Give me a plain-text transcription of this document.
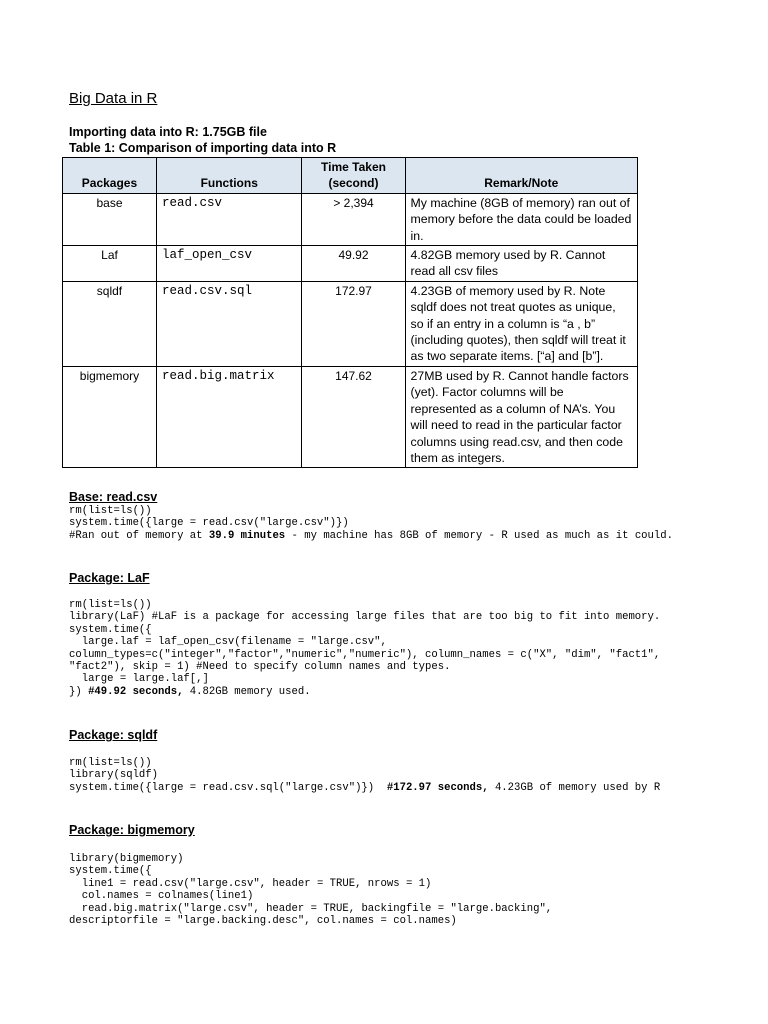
Big Data in R
Importing data into R: 1.75GB file
Table 1: Comparison of importing data into R
Packages	Functions	Time Taken (second)	Remark/Note
base	read.csv	> 2,394	My machine (8GB of memory) ran out of memory before the data could be loaded in.
Laf	laf_open_csv	49.92	4.82GB memory used by R. Cannot read all csv files
sqldf	read.csv.sql	172.97	4.23GB of memory used by R. Note sqldf does not treat quotes as unique, so if an entry in a column is “a , b” (including quotes), then sqldf will treat it as two separate items. [“a] and [b”].
bigmemory	read.big.matrix	147.62	27MB used by R. Cannot handle factors (yet). Factor columns will be represented as a column of NA’s. You will need to read in the particular factor columns using read.csv, and then code them as integers.
Base: read.csv
rm(list=ls())
system.time({large = read.csv("large.csv")})
#Ran out of memory at 39.9 minutes - my machine has 8GB of memory - R used as much as it could.
Package: LaF
rm(list=ls())
library(LaF) #LaF is a package for accessing large files that are too big to fit into memory.
system.time({
large.laf = laf_open_csv(filename = "large.csv",
column_types=c("integer","factor","numeric","numeric"), column_names = c("X", "dim", "fact1", "fact2"), skip = 1) #Need to specify column names and types.
large = large.laf[,]
}) #49.92 seconds, 4.82GB memory used.
Package: sqldf
rm(list=ls())
library(sqldf)
system.time({large = read.csv.sql("large.csv")})  #172.97 seconds, 4.23GB of memory used by R
Package: bigmemory
library(bigmemory)
system.time({
line1 = read.csv("large.csv", header = TRUE, nrows = 1)
col.names = colnames(line1)
read.big.matrix("large.csv", header = TRUE, backingfile = "large.backing",
descriptorfile = "large.backing.desc", col.names = col.names)
